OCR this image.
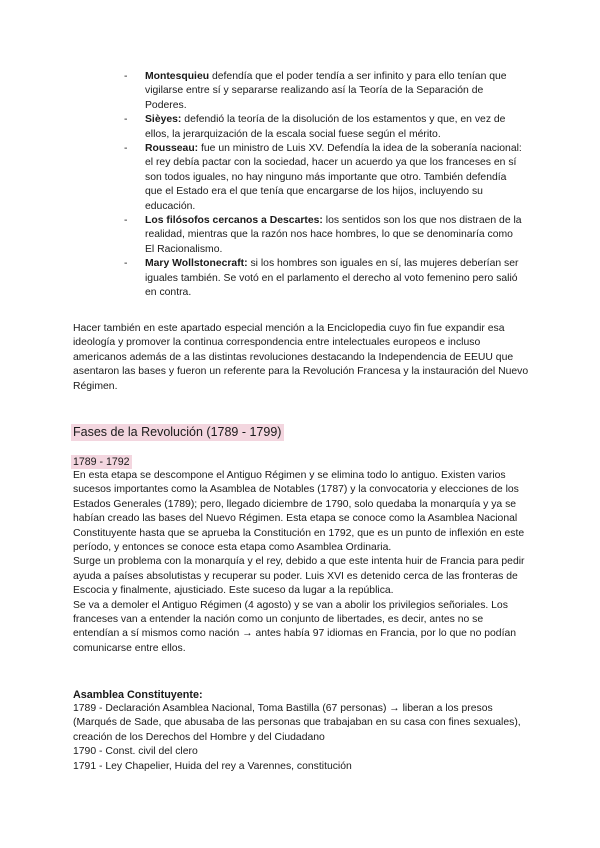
- Montesquieu defendía que el poder tendía a ser infinito y para ello tenían que vigilarse entre sí y separarse realizando así la Teoría de la Separación de Poderes.

- Sièyes: defendió la teoría de la disolución de los estamentos y que, en vez de ellos, la jerarquización de la escala social fuese según el mérito.

- Rousseau: fue un ministro de Luis XV. Defendía la idea de la soberanía nacional: el rey debía pactar con la sociedad, hacer un acuerdo ya que los franceses en sí son todos iguales, no hay ninguno más importante que otro. También defendía que el Estado era el que tenía que encargarse de los hijos, incluyendo su educación.

- Los filósofos cercanos a Descartes: los sentidos son los que nos distraen de la realidad, mientras que la razón nos hace hombres, lo que se denominaría como El Racionalismo.

- Mary Wollstonecraft: si los hombres son iguales en sí, las mujeres deberían ser iguales también. Se votó en el parlamento el derecho al voto femenino pero salió en contra.

Hacer también en este apartado especial mención a la Enciclopedia cuyo fin fue expandir esa ideología y promover la continua correspondencia entre intelectuales europeos e incluso americanos además de a las distintas revoluciones destacando la Independencia de EEUU que asentaron las bases y fueron un referente para la Revolución Francesa y la instauración del Nuevo Régimen.

Fases de la Revolución (1789 - 1799)
1789 - 1792
En esta etapa se descompone el Antiguo Régimen y se elimina todo lo antiguo. Existen varios sucesos importantes como la Asamblea de Notables (1787) y la convocatoria y elecciones de los Estados Generales (1789); pero, llegado diciembre de 1790, solo quedaba la monarquía y ya se habían creado las bases del Nuevo Régimen. Esta etapa se conoce como la Asamblea Nacional Constituyente hasta que se aprueba la Constitución en 1792, que es un punto de inflexión en este período, y entonces se conoce esta etapa como Asamblea Ordinaria.
Surge un problema con la monarquía y el rey, debido a que este intenta huir de Francia para pedir ayuda a países absolutistas y recuperar su poder. Luis XVI es detenido cerca de las fronteras de Escocia y finalmente, ajusticiado. Este suceso da lugar a la república.
Se va a demoler el Antiguo Régimen (4 agosto) y se van a abolir los privilegios señoriales. Los franceses van a entender la nación como un conjunto de libertades, es decir, antes no se entendían a sí mismos como nación → antes había 97 idiomas en Francia, por lo que no podían comunicarse entre ellos.
Asamblea Constituyente:
1789 - Declaración Asamblea Nacional, Toma Bastilla (67 personas) → liberan a los presos (Marqués de Sade, que abusaba de las personas que trabajaban en su casa con fines sexuales), creación de los Derechos del Hombre y del Ciudadano
1790 - Const. civil del clero
1791 - Ley Chapelier, Huida del rey a Varennes, constitución
